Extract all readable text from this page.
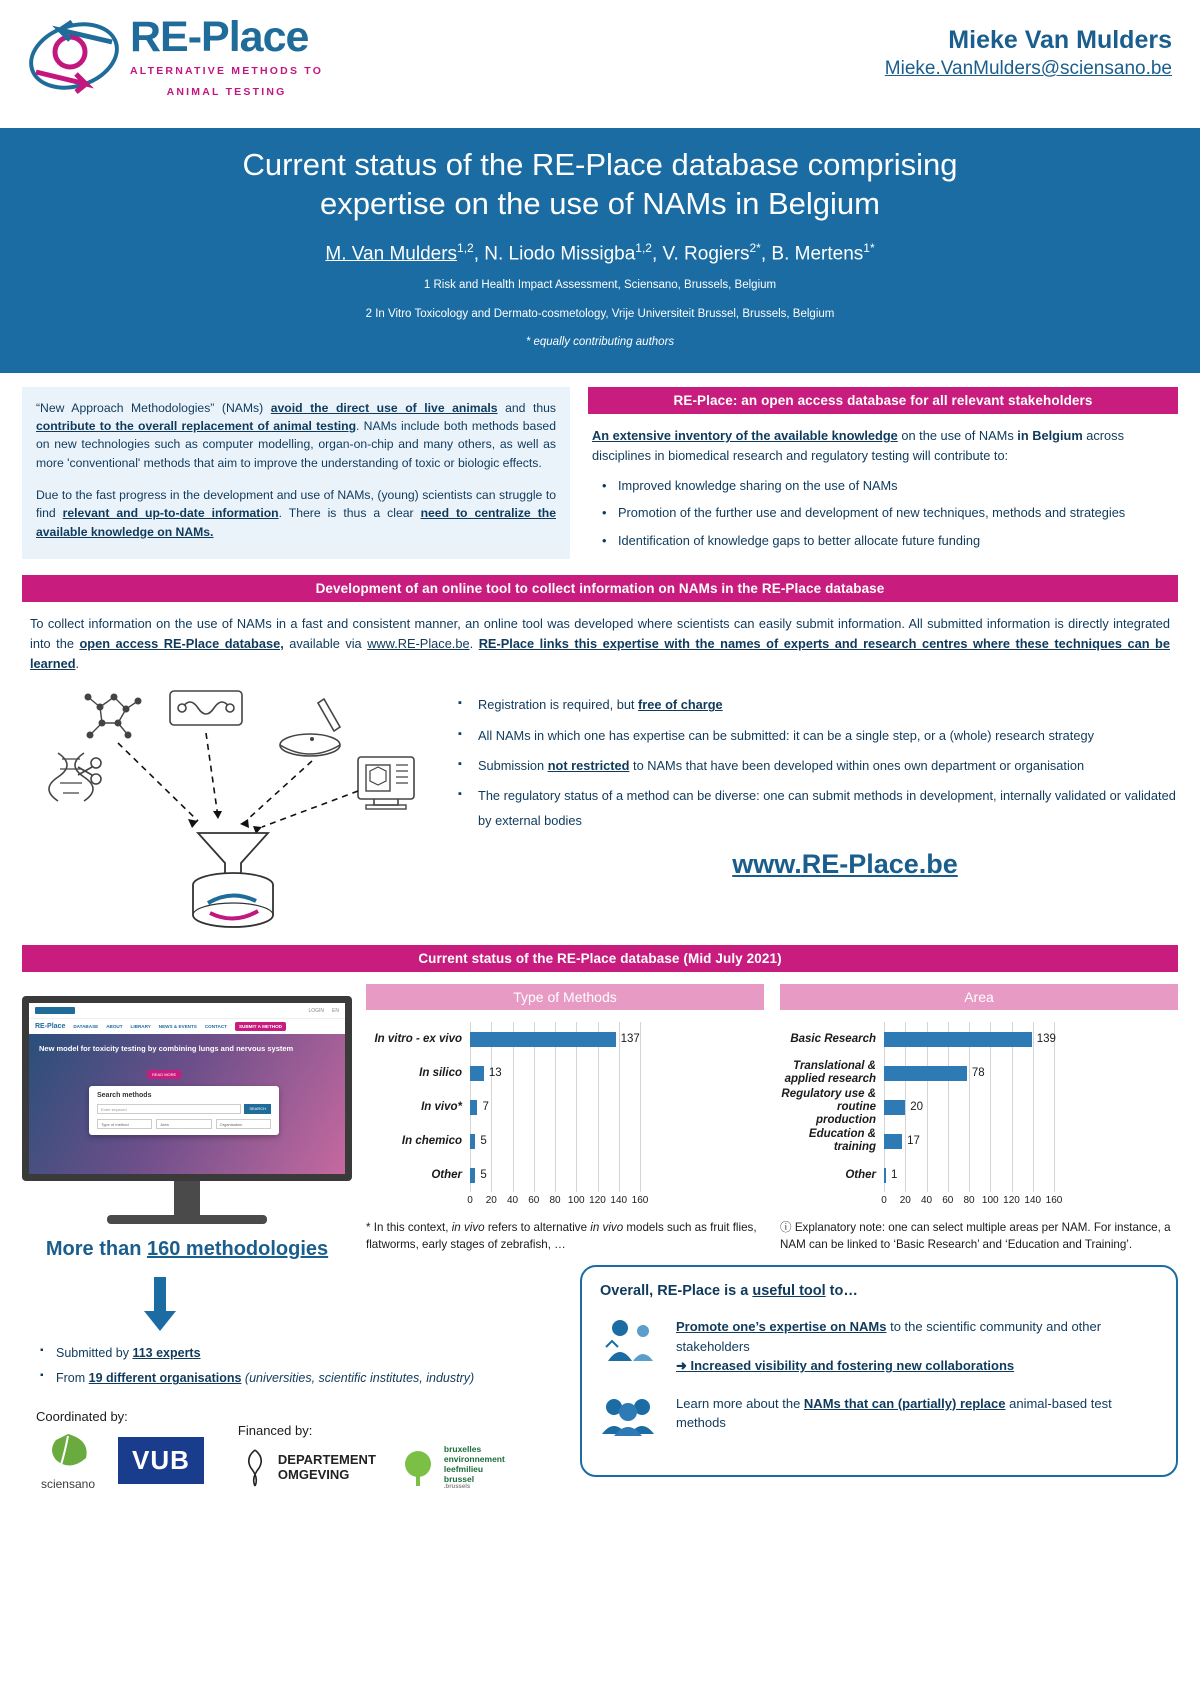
RE-Place
ALTERNATIVE METHODS TO
ANIMAL TESTING
Mieke Van Mulders
Mieke.VanMulders@sciensano.be
Current status of the RE-Place database comprising
expertise on the use of NAMs in Belgium
M. Van Mulders$^{1,2}$, N. Liodo Missigba$^{1,2}$, V. Rogiers$^{2*}$, B. Mertens$^{1*}$
1 Risk and Health Impact Assessment, Sciensano, Brussels, Belgium
2 In Vitro Toxicology and Dermato-cosmetology, Vrije Universiteit Brussel, Brussels, Belgium
* equally contributing authors

“New Approach Methodologies” (NAMs) avoid the direct use of live animals and thus contribute to the overall replacement of animal testing. NAMs include both methods based on new technologies such as computer modelling, organ-on-chip and many others, as well as more 'conventional' methods that aim to improve the understanding of toxic or biologic effects.

Due to the fast progress in the development and use of NAMs, (young) scientists can struggle to find relevant and up-to-date information. There is thus a clear need to centralize the available knowledge on NAMs.

RE-Place: an open access database for all relevant stakeholders
An extensive inventory of the available knowledge on the use of NAMs in Belgium across disciplines in biomedical research and regulatory testing will contribute to:
• Improved knowledge sharing on the use of NAMs
• Promotion of the further use and development of new techniques, methods and strategies
• Identification of knowledge gaps to better allocate future funding
Development of an online tool to collect information on NAMs in the RE-Place database
To collect information on the use of NAMs in a fast and consistent manner, an online tool was developed where scientists can easily submit information. All submitted information is directly integrated into the open access RE-Place database, available via www.RE-Place.be. RE-Place links this expertise with the names of experts and research centres where these techniques can be learned.
▪ Registration is required, but free of charge
▪ All NAMs in which one has expertise can be submitted: it can be a single step, or a (whole) research strategy
▪ Submission not restricted to NAMs that have been developed within ones own department or organisation
▪ The regulatory status of a method can be diverse: one can submit methods in development, internally validated or validated by external bodies
www.RE-Place.be
Current status of the RE-Place database (Mid July 2021)
LOGIN EN
RE-Place DATABASE ABOUT LIBRARY NEWS & EVENTS CONTACT	SUBMIT A METHOD
New model for toxicity testing by combining lungs and nervous system
READ MORE
Search methods
Enter keyword	SEARCH
Type of method	Area	Organisation
More than 160 methodologies
Type of Methods
In vitro - ex vivo	137
In silico	13
In vivo*	7
In chemico	5
Other	5
0 20 40 60 80 100 120 140 160
* In this context, in vivo refers to alternative in vivo models such as fruit flies, flatworms, early stages of zebrafish, …
Area
Basic Research	139
Translational & applied research	78
Regulatory use & routine production
20
Education & training	17
Other	1
0 20 40 60 80 100 120 140 160
ⓘ Explanatory note: one can select multiple areas per NAM. For instance, a NAM can be linked to ‘Basic Research’ and ‘Education and Training’.
▪ Submitted by 113 experts
▪ From 19 different organisations (universities, scientific institutes, industry)
Coordinated by:
sciensano
VUB
Financed by:
DEPARTEMENT
OMGEVING
bruxelles
environnement
leefmilieu
brussel
.brussels
Overall, RE-Place is a useful tool to…
Promote one’s expertise on NAMs to the scientific community and other stakeholders
➜ Increased visibility and fostering new collaborations
Learn more about the NAMs that can (partially) replace animal-based test methods
